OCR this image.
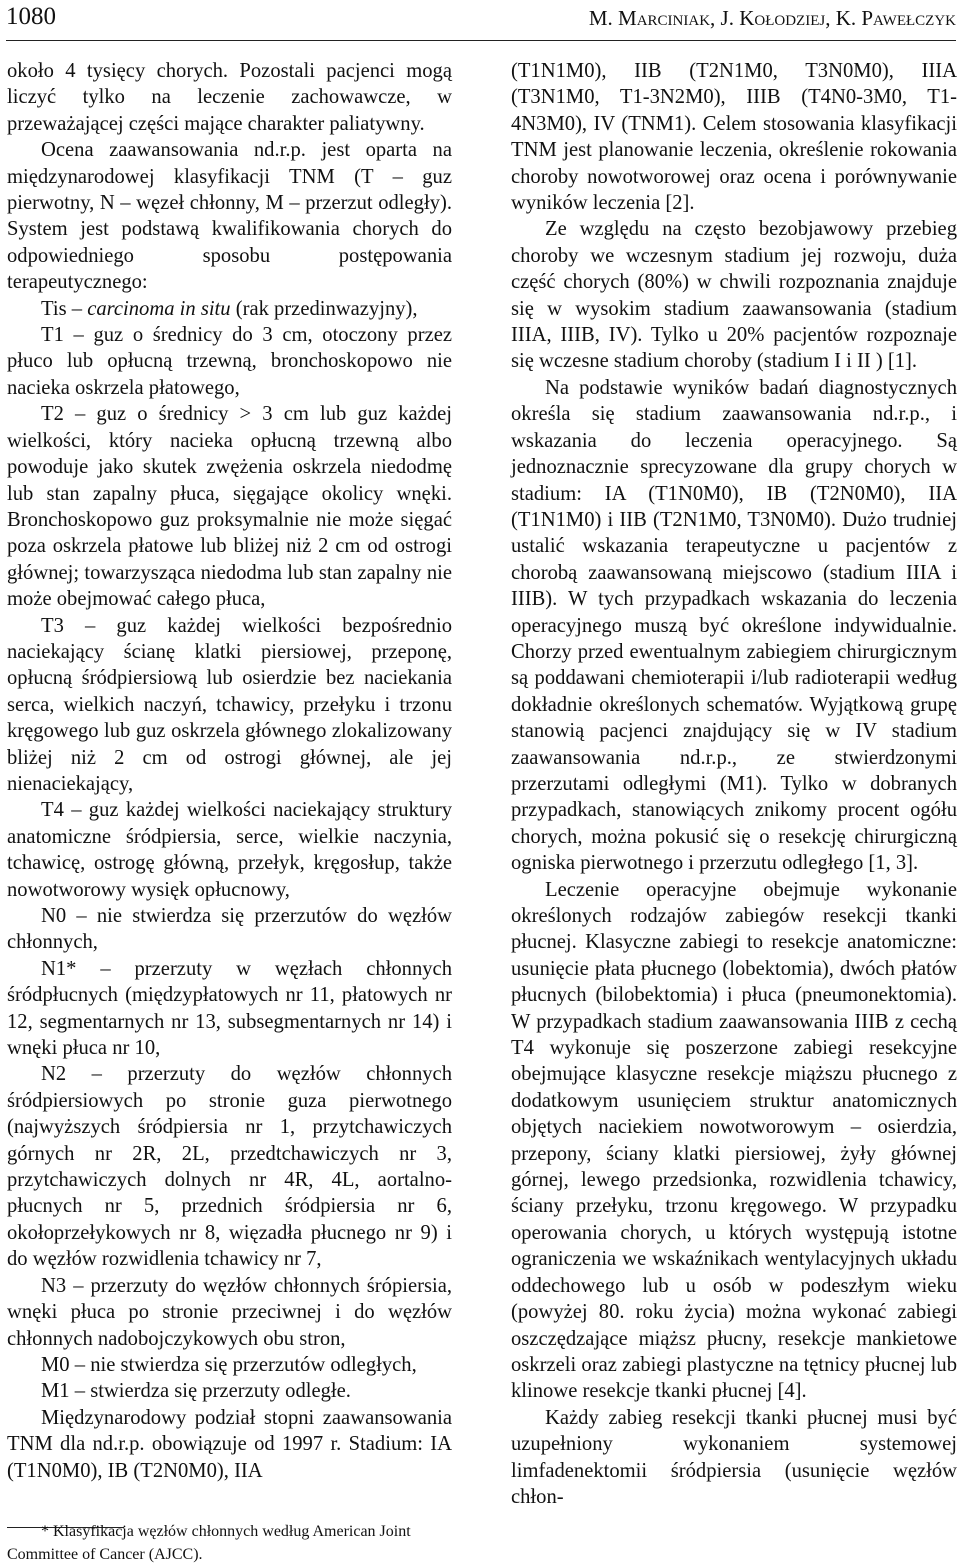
1080	M. Marciniak, J. Kołodziej, K. Pawełczyk

około 4 tysięcy chorych. Pozostali pacjenci mogą liczyć tylko na leczenie zachowawcze, w przeważającej części mające charakter paliatywny.

Ocena zaawansowania nd.r.p. jest oparta na międzynarodowej klasyfikacji TNM (T – guz pierwotny, N – węzeł chłonny, M – przerzut odległy). System jest podstawą kwalifikowania chorych do odpowiedniego sposobu postępowania terapeutycznego:

Tis – carcinoma in situ (rak przedinwazyjny),

T1 – guz o średnicy do 3 cm, otoczony przez płuco lub opłucną trzewną, bronchoskopowo nie nacieka oskrzela płatowego,

T2 – guz o średnicy > 3 cm lub guz każdej wielkości, który nacieka opłucną trzewną albo powoduje jako skutek zwężenia oskrzela niedodmę lub stan zapalny płuca, sięgające okolicy wnęki. Bronchoskopowo guz proksymalnie nie może sięgać poza oskrzela płatowe lub bliżej niż 2 cm od ostrogi głównej; towarzysząca niedodma lub stan zapalny nie może obejmować całego płuca,

T3 – guz każdej wielkości bezpośrednio naciekający ścianę klatki piersiowej, przeponę, opłucną śródpiersiową lub osierdzie bez naciekania serca, wielkich naczyń, tchawicy, przełyku i trzonu kręgowego lub guz oskrzela głównego zlokalizowany bliżej niż 2 cm od ostrogi głównej, ale jej nienaciekający,

T4 – guz każdej wielkości naciekający struktury anatomiczne śródpiersia, serce, wielkie naczynia, tchawicę, ostrogę główną, przełyk, kręgosłup, także nowotworowy wysięk opłucnowy,

N0 – nie stwierdza się przerzutów do węzłów chłonnych,

N1* – przerzuty w węzłach chłonnych śródpłucnych (międzypłatowych nr 11, płatowych nr 12, segmentarnych nr 13, subsegmentarnych nr 14) i wnęki płuca nr 10,

N2 – przerzuty do węzłów chłonnych śródpiersiowych po stronie guza pierwotnego (najwyższych śródpiersia nr 1, przytchawiczych górnych nr 2R, 2L, przedtchawiczych nr 3, przytchawiczych dolnych nr 4R, 4L, aortalno-płucnych nr 5, przednich śródpiersia nr 6, okołoprzełykowych nr 8, więzadła płucnego nr 9) i do węzłów rozwidlenia tchawicy nr 7,

N3 – przerzuty do węzłów chłonnych śrópiersia, wnęki płuca po stronie przeciwnej i do węzłów chłonnych nadobojczykowych obu stron,

M0 – nie stwierdza się przerzutów odległych,

M1 – stwierdza się przerzuty odległe.

Międzynarodowy podział stopni zaawansowania TNM dla nd.r.p. obowiązuje od 1997 r. Stadium: IA (T1N0M0), IB (T2N0M0), IIA

(T1N1M0), IIB (T2N1M0, T3N0M0), IIIA (T3N1M0, T1-3N2M0), IIIB (T4N0-3M0, T1-4N3M0), IV (TNM1). Celem stosowania klasyfikacji TNM jest planowanie leczenia, określenie rokowania choroby nowotworowej oraz ocena i porównywanie wyników leczenia [2].

Ze względu na często bezobjawowy przebieg choroby we wczesnym stadium jej rozwoju, duża część chorych (80%) w chwili rozpoznania znajduje się w wysokim stadium zaawansowania (stadium IIIA, IIIB, IV). Tylko u 20% pacjentów rozpoznaje się wczesne stadium choroby (stadium I i II ) [1].

Na podstawie wyników badań diagnostycznych określa się stadium zaawansowania nd.r.p., i wskazania do leczenia operacyjnego. Są jednoznacznie sprecyzowane dla grupy chorych w stadium: IA (T1N0M0), IB (T2N0M0), IIA (T1N1M0) i IIB (T2N1M0, T3N0M0). Dużo trudniej ustalić wskazania terapeutyczne u pacjentów z chorobą zaawansowaną miejscowo (stadium IIIA i IIIB). W tych przypadkach wskazania do leczenia operacyjnego muszą być określone indywidualnie. Chorzy przed ewentualnym zabiegiem chirurgicznym są poddawani chemioterapii i/lub radioterapii według dokładnie określonych schematów. Wyjątkową grupę stanowią pacjenci znajdujący się w IV stadium zaawansowania nd.r.p., ze stwierdzonymi przerzutami odległymi (M1). Tylko w dobranych przypadkach, stanowiących znikomy procent ogółu chorych, można pokusić się o resekcję chirurgiczną ogniska pierwotnego i przerzutu odległego [1, 3].

Leczenie operacyjne obejmuje wykonanie określonych rodzajów zabiegów resekcji tkanki płucnej. Klasyczne zabiegi to resekcje anatomiczne: usunięcie płata płucnego (lobektomia), dwóch płatów płucnych (bilobektomia) i płuca (pneumonektomia). W przypadkach stadium zaawansowania IIIB z cechą T4 wykonuje się poszerzone zabiegi resekcyjne obejmujące klasyczne resekcje miąższu płucnego z dodatkowym usunięciem struktur anatomicznych objętych naciekiem nowotworowym – osierdzia, przepony, ściany klatki piersiowej, żyły głównej górnej, lewego przedsionka, rozwidlenia tchawicy, ściany przełyku, trzonu kręgowego. W przypadku operowania chorych, u których występują istotne ograniczenia we wskaźnikach wentylacyjnych układu oddechowego lub u osób w podeszłym wieku (powyżej 80. roku życia) można wykonać zabiegi oszczędzające miąższ płucny, resekcje mankietowe oskrzeli oraz zabiegi plastyczne na tętnicy płucnej lub klinowe resekcje tkanki płucnej [4].

Każdy zabieg resekcji tkanki płucnej musi być uzupełniony wykonaniem systemowej limfadenektomii śródpiersia (usunięcie węzłów chłon-

* Klasyfikacja węzłów chłonnych według American Joint Committee of Cancer (AJCC).
